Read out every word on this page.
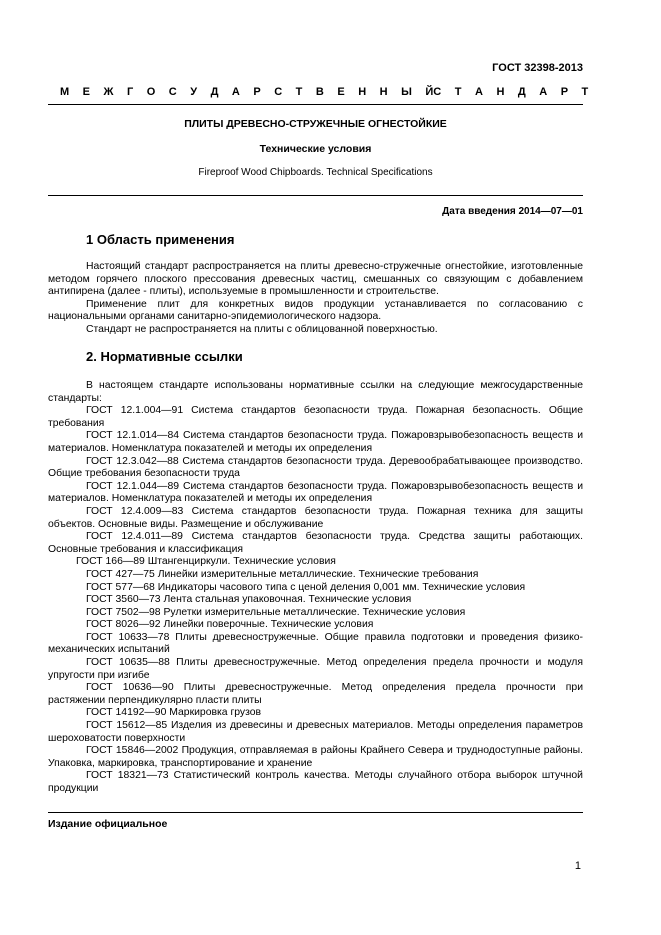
ГОСТ 32398-2013
М Е Ж Г О С У Д А Р С Т В Е Н Н Ы Й С Т А Н Д А Р Т
ПЛИТЫ ДРЕВЕСНО-СТРУЖЕЧНЫЕ ОГНЕСТОЙКИЕ
Технические условия
Fireproof Wood Chipboards. Technical Specifications
Дата введения 2014—07—01
1 Область применения

Настоящий стандарт распространяется на плиты древесно-стружечные огнестойкие, изготовленные методом горячего плоского прессования древесных частиц, смешанных со связующим с добавлением антипирена (далее - плиты), используемые в промышленности и строительстве.

Применение плит для конкретных видов продукции устанавливается по согласованию с национальными органами санитарно-эпидемиологического надзора.

Стандарт не распространяется на плиты с облицованной поверхностью.

2. Нормативные ссылки

В настоящем стандарте использованы нормативные ссылки на следующие межгосударственные стандарты:

ГОСТ 12.1.004—91 Система стандартов безопасности труда. Пожарная безопасность. Общие требования

ГОСТ 12.1.014—84 Система стандартов безопасности труда. Пожаровзрывобезопасность веществ и материалов. Номенклатура показателей и методы их определения

ГОСТ 12.3.042—88 Система стандартов безопасности труда. Деревообрабатывающее производство. Общие требования безопасности труда

ГОСТ 12.1.044—89 Система стандартов безопасности труда. Пожаровзрывобезопасность веществ и материалов. Номенклатура показателей и методы их определения

ГОСТ 12.4.009—83 Система стандартов безопасности труда. Пожарная техника для защиты объектов. Основные виды. Размещение и обслуживание

ГОСТ 12.4.011—89 Система стандартов безопасности труда. Средства защиты работающих. Основные требования и классификация

ГОСТ 166—89 Штангенциркули. Технические условия

ГОСТ 427—75 Линейки измерительные металлические. Технические требования

ГОСТ 577—68 Индикаторы часового типа с ценой деления 0,001 мм. Технические условия

ГОСТ 3560—73 Лента стальная упаковочная. Технические условия

ГОСТ 7502—98 Рулетки измерительные металлические. Технические условия

ГОСТ 8026—92 Линейки поверочные. Технические условия

ГОСТ 10633—78 Плиты древесностружечные. Общие правила подготовки и проведения физико-механических испытаний

ГОСТ 10635—88 Плиты древесностружечные. Метод определения предела прочности и модуля упругости при изгибе

ГОСТ 10636—90 Плиты древесностружечные. Метод определения предела прочности при растяжении перпендикулярно пласти плиты

ГОСТ 14192—90 Маркировка грузов

ГОСТ 15612—85 Изделия из древесины и древесных материалов. Методы определения параметров шероховатости поверхности

ГОСТ 15846—2002 Продукция, отправляемая в районы Крайнего Севера и труднодоступные районы. Упаковка, маркировка, транспортирование и хранение

ГОСТ 18321—73 Статистический контроль качества. Методы случайного отбора выборок штучной продукции

Издание официальное
1
